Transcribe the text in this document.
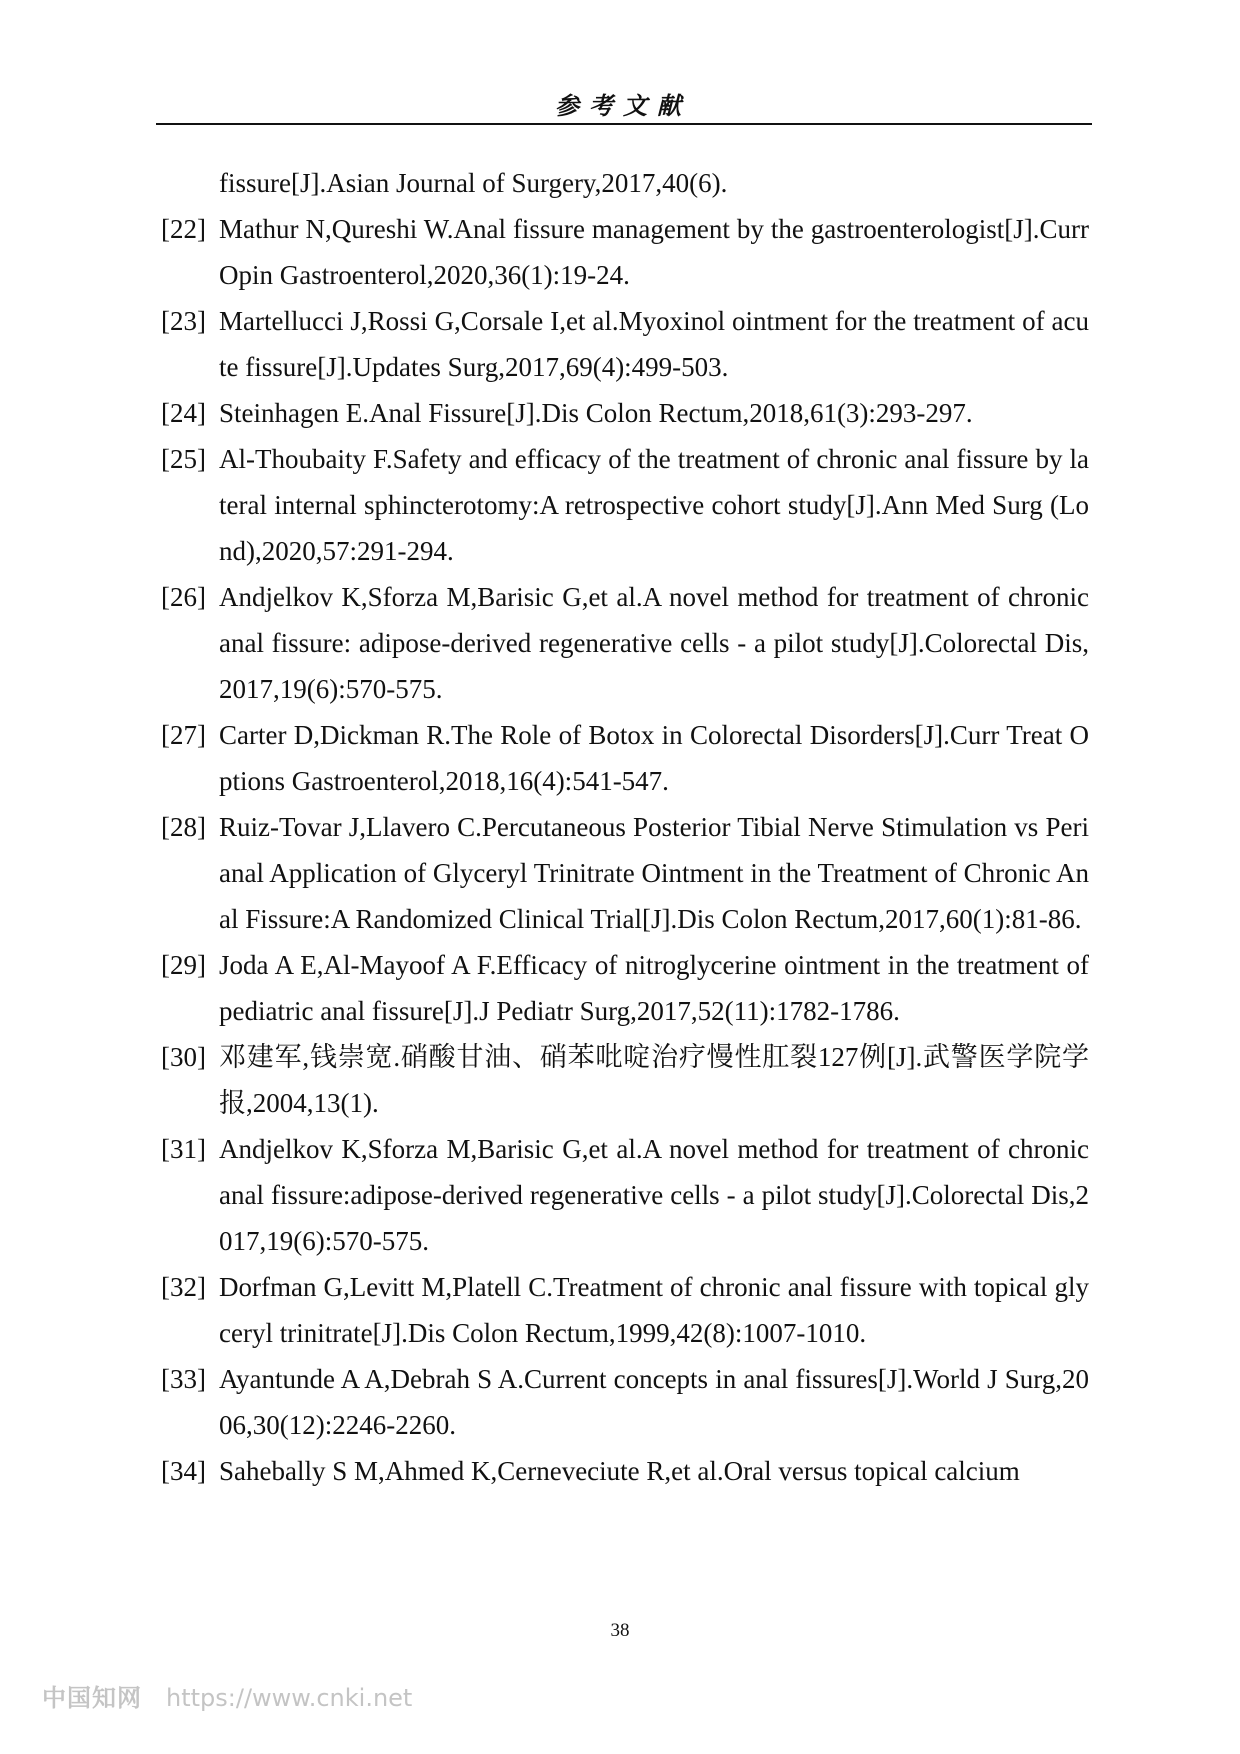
参考文献
fissure[J].Asian Journal of Surgery,2017,40(6).
[22] Mathur N,Qureshi W.Anal fissure management by the gastroenterologist[J].Curr Opin Gastroenterol,2020,36(1):19-24.
[23] Martellucci J,Rossi G,Corsale I,et al.Myoxinol ointment for the treatment of acute fissure[J].Updates Surg,2017,69(4):499-503.
[24] Steinhagen E.Anal Fissure[J].Dis Colon Rectum,2018,61(3):293-297.
[25] Al-Thoubaity F.Safety and efficacy of the treatment of chronic anal fissure by lateral internal sphincterotomy:A retrospective cohort study[J].Ann Med Surg (Lond),2020,57:291-294.
[26] Andjelkov K,Sforza M,Barisic G,et al.A novel method for treatment of chronic anal fissure: adipose-derived regenerative cells - a pilot study[J].Colorectal Dis,2017,19(6):570-575.
[27] Carter D,Dickman R.The Role of Botox in Colorectal Disorders[J].Curr Treat Options Gastroenterol,2018,16(4):541-547.
[28] Ruiz-Tovar J,Llavero C.Percutaneous Posterior Tibial Nerve Stimulation vs Perianal Application of Glyceryl Trinitrate Ointment in the Treatment of Chronic Anal Fissure:A Randomized Clinical Trial[J].Dis Colon Rectum,2017,60(1):81-86.
[29] Joda A E,Al-Mayoof A F.Efficacy of nitroglycerine ointment in the treatment of pediatric anal fissure[J].J Pediatr Surg,2017,52(11):1782-1786.
[30] 邓建军,钱崇宽.硝酸甘油、硝苯吡啶治疗慢性肛裂127例[J].武警医学院学报,2004,13(1).
[31] Andjelkov K,Sforza M,Barisic G,et al.A novel method for treatment of chronic anal fissure:adipose-derived regenerative cells - a pilot study[J].Colorectal Dis,2017,19(6):570-575.
[32] Dorfman G,Levitt M,Platell C.Treatment of chronic anal fissure with topical glyceryl trinitrate[J].Dis Colon Rectum,1999,42(8):1007-1010.
[33] Ayantunde A A,Debrah S A.Current concepts in anal fissures[J].World J Surg,2006,30(12):2246-2260.
[34] Sahebally S M,Ahmed K,Cerneveciute R,et al.Oral versus topical calcium
38
中国知网 https://www.cnki.net
